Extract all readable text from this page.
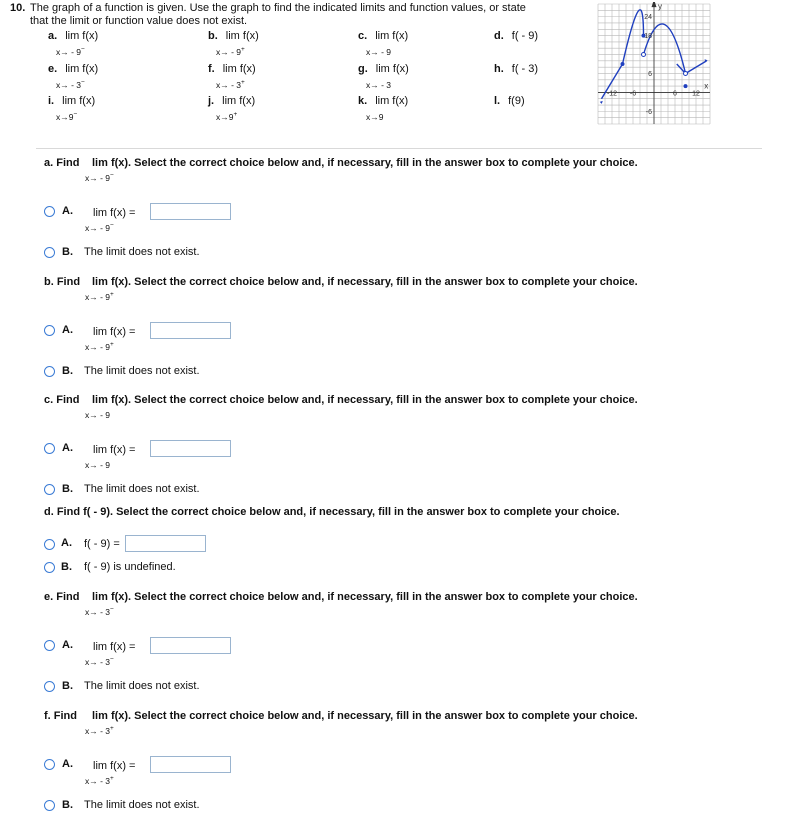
10. The graph of a function is given. Use the graph to find the indicated limits and function values, or state
that the limit or function value does not exist.
a. lim f(x)
x→ - 9−
b. lim f(x)
x→ - 9+
c. lim f(x)
x→ - 9
d. f( - 9)
e. lim f(x)
x→ - 3−
f. lim f(x)
x→ - 3+
g. lim f(x)
x→ - 3
h. f( - 3)
i. lim f(x)
x→9−
j. lim f(x)
x→9+
k. lim f(x)
x→9
l. f(9)
24
18
6
-6
-12 -6	6 12
y
x
a. Find lim f(x). Select the correct choice below and, if necessary, fill in the answer box to complete your choice.
x→ - 9−
A. lim f(x) =
x→ - 9−
B. The limit does not exist.
b. Find lim f(x). Select the correct choice below and, if necessary, fill in the answer box to complete your choice.
x→ - 9+
A. lim f(x) =
x→ - 9+
B. The limit does not exist.
c. Find lim f(x). Select the correct choice below and, if necessary, fill in the answer box to complete your choice.
x→ - 9
A. lim f(x) =
x→ - 9
B. The limit does not exist.
d. Find f( - 9). Select the correct choice below and, if necessary, fill in the answer box to complete your choice.
A. f( - 9) =
B. f( - 9) is undefined.
e. Find lim f(x). Select the correct choice below and, if necessary, fill in the answer box to complete your choice.
x→ - 3−
A. lim f(x) =
x→ - 3−
B. The limit does not exist.
f. Find lim f(x). Select the correct choice below and, if necessary, fill in the answer box to complete your choice.
x→ - 3+
A. lim f(x) =
x→ - 3+
B. The limit does not exist.
